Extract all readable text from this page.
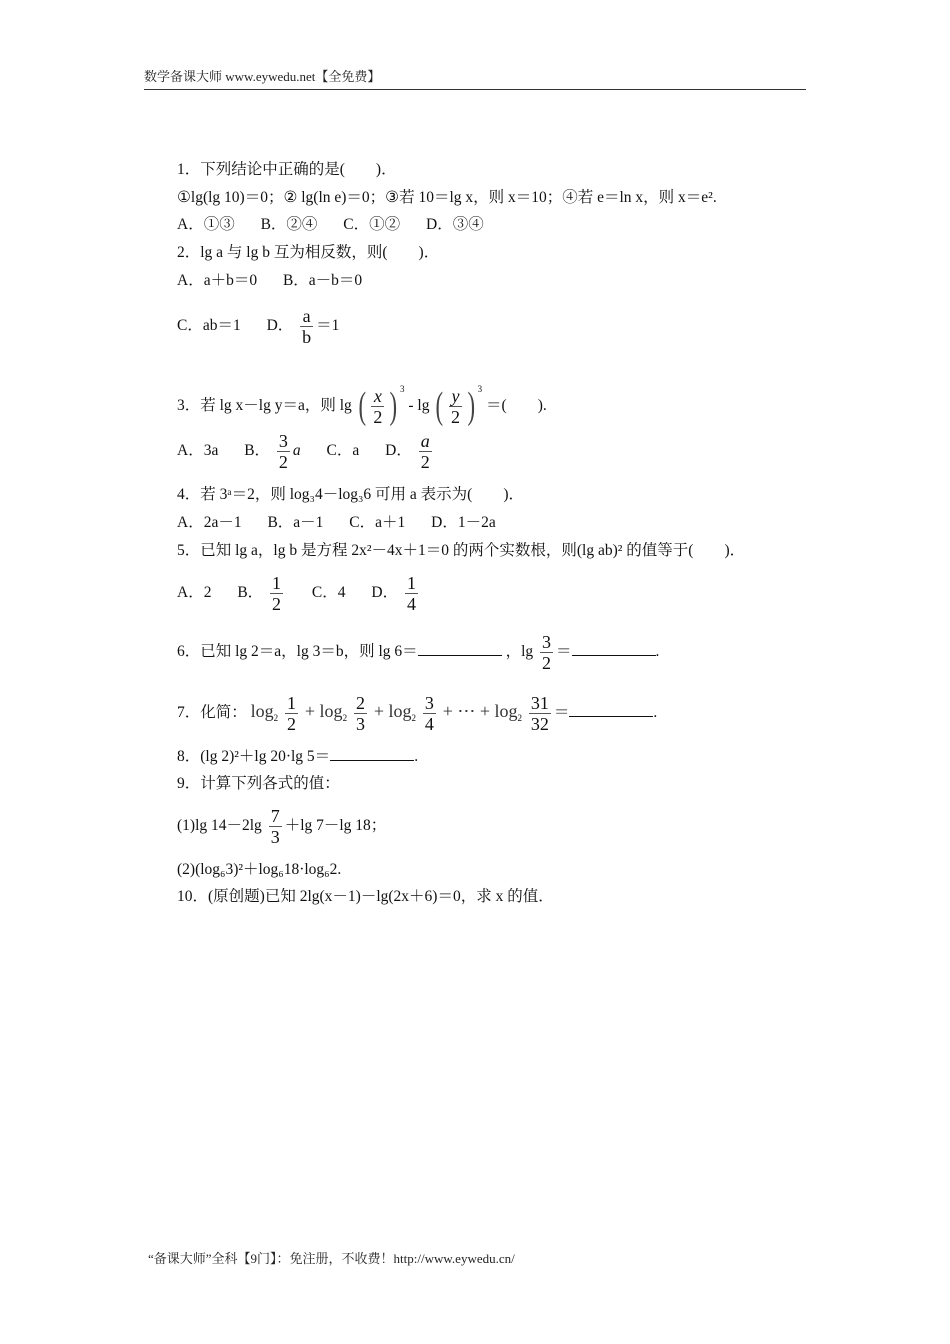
数学备课大师 www.eywedu.net【全免费】
1．下列结论中正确的是(　　)．
①lg(lg 10)＝0；② lg(ln e)＝0；③若 10＝lg x，则 x＝10；④若 e＝ln x，则 x＝e².
A．①③ B．②④ C．①② D．③④
2．lg a 与 lg b 互为相反数，则(　　)．
A．a＋b＝0 B．a－b＝0
C．ab＝1 D． $\frac{a}{b} =1$
3．若 lg x－lg y＝a，则 lg ( $\frac{x}{2}$ ) $^3$ - lg ( $\frac{y}{2}$ ) $^3$ ＝(　　).
A．3a B． $\frac{3}{2}$ a C．a D． $\frac{a}{2}$
4．若 3ᵃ＝2，则 log₃4－log₃6 可用 a 表示为(　　)．
A．2a－1 B．a－1 C．a＋1 D．1－2a
5．已知 lg a，lg b 是方程 2x²－4x＋1＝0 的两个实数根，则(lg ab)² 的值等于(　　)．
A．2 B． $\frac{1}{2}$ C．4 D． $\frac{1}{4}$
6．已知 lg 2＝a，lg 3＝b，则 lg 6＝	，$\lg \frac{3}{2}$ ＝	.
7．化简： $\log_2 \frac{1}{2} + \log_2 \frac{2}{3} + \log_2 \frac{3}{4}$ + ⋯ + $\log_2 \frac{31}{32}$ ＝	.
8．(lg 2)²＋lg 20·lg 5＝	.
9．计算下列各式的值：
(1)lg $14-2\lg \frac{7}{3} +\lg$ 7－lg 18；
(2)(log₆3)²＋log₆18·log₆2.
10．(原创题)已知 2lg(x－1)－lg(2x＋6)＝0，求 x 的值．
“备课大师”全科【9门】：免注册，不收费！http://www.eywedu.cn/
